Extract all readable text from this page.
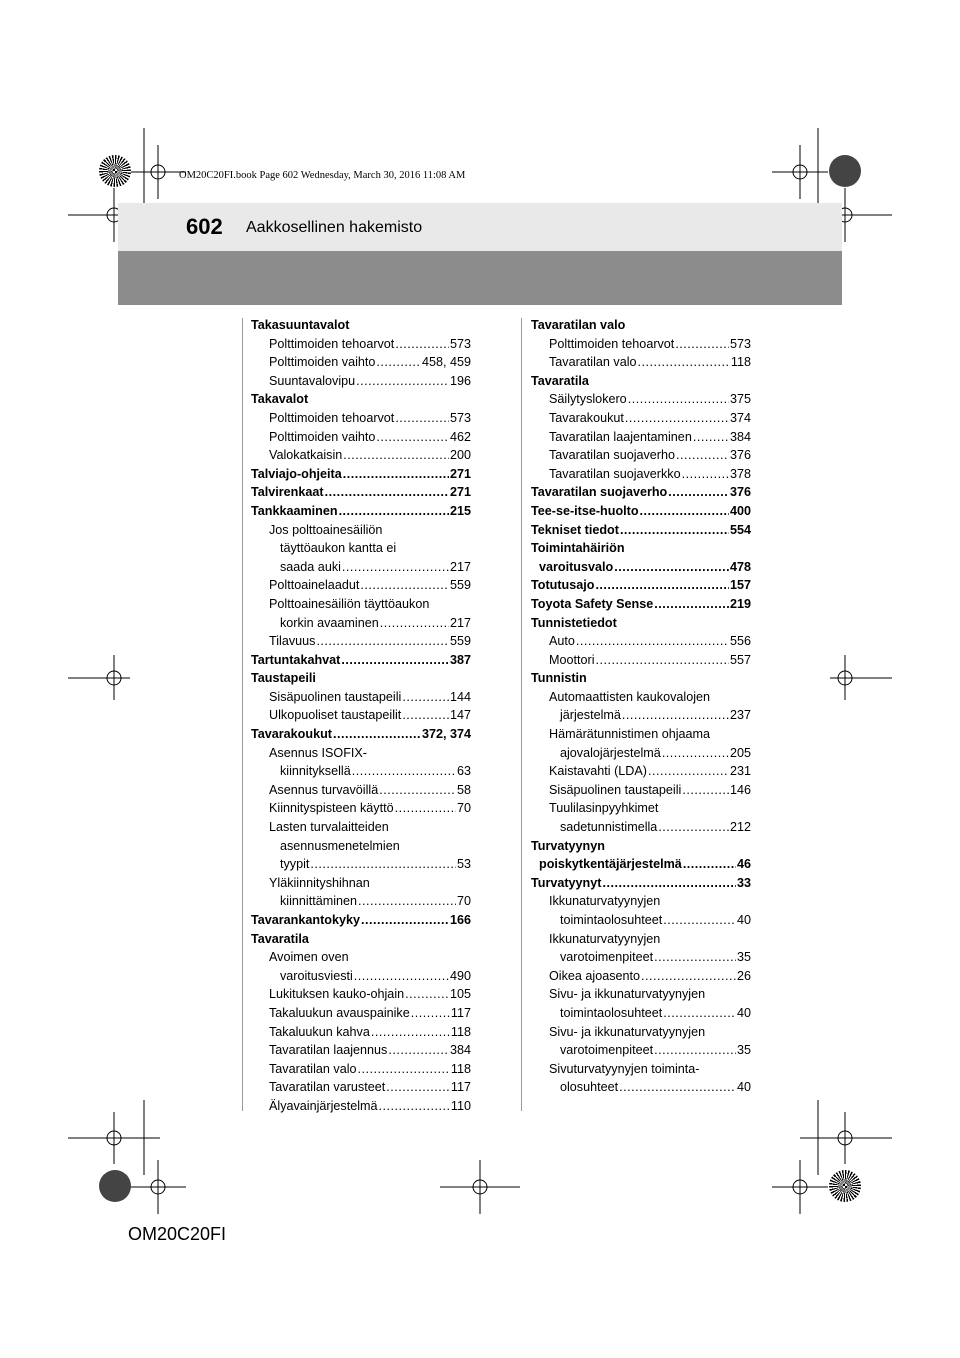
OM20C20FI.book Page 602 Wednesday, March 30, 2016 11:08 AM
602 Aakkosellinen hakemisto
Takasuuntavalot
Polttimoiden tehoarvot .....	573
Polttimoiden vaihto .....	458, 459
Suuntavalovipu .....	196
Takavalot
Polttimoiden tehoarvot .....	573
Polttimoiden vaihto .....	462
Valokatkaisin .....	200
Talviajo-ohjeita .....	271
Talvirenkaat .....	271
Tankkaaminen .....	215
Jos polttoainesäiliön
täyttöaukon kantta ei
saada auki .....	217
Polttoainelaadut .....	559
Polttoainesäiliön täyttöaukon
korkin avaaminen .....	217
Tilavuus .....	559
Tartuntakahvat .....	387
Taustapeili
Sisäpuolinen taustapeili .....	144
Ulkopuoliset taustapeilit .....	147
Tavarakoukut .....	372, 374
Asennus ISOFIX-
kiinnityksellä .....	63
Asennus turvavöillä .....	58
Kiinnityspisteen käyttö .....	70
Lasten turvalaitteiden
asennusmenetelmien
tyypit .....	53
Yläkiinnityshihnan
kiinnittäminen .....	70
Tavarankantokyky .....	166
Tavaratila
Avoimen oven
varoitusviesti .....	490
Lukituksen kauko-ohjain .....	105
Takaluukun avauspainike .....	117
Takaluukun kahva .....	118
Tavaratilan laajennus .....	384
Tavaratilan valo .....	118
Tavaratilan varusteet .....	117
Älyavainjärjestelmä .....	110
Tavaratilan valo
Polttimoiden tehoarvot .....	573
Tavaratilan valo .....	118
Tavaratila
Säilytyslokero .....	375
Tavarakoukut .....	374
Tavaratilan laajentaminen .....	384
Tavaratilan suojaverho .....	376
Tavaratilan suojaverkko .....	378
Tavaratilan suojaverho .....	376
Tee-se-itse-huolto .....	400
Tekniset tiedot .....	554
Toimintahäiriön
varoitusvalo .....	478
Totutusajo .....	157
Toyota Safety Sense .....	219
Tunnistetiedot
Auto .....	556
Moottori .....	557
Tunnistin
Automaattisten kaukovalojen
järjestelmä .....	237
Hämärätunnistimen ohjaama
ajovalojärjestelmä .....	205
Kaistavahti (LDA) .....	231
Sisäpuolinen taustapeili .....	146
Tuulilasinpyyhkimet
sadetunnistimella .....	212
Turvatyynyn
poiskytkentäjärjestelmä .....	46
Turvatyynyt .....	33
Ikkunaturvatyynyjen
toimintaolosuhteet .....	40
Ikkunaturvatyynyjen
varotoimenpiteet .....	35
Oikea ajoasento .....	26
Sivu- ja ikkunaturvatyynyjen
toimintaolosuhteet .....	40
Sivu- ja ikkunaturvatyynyjen
varotoimenpiteet .....	35
Sivuturvatyynyjen toiminta-
olosuhteet .....	40
OM20C20FI
